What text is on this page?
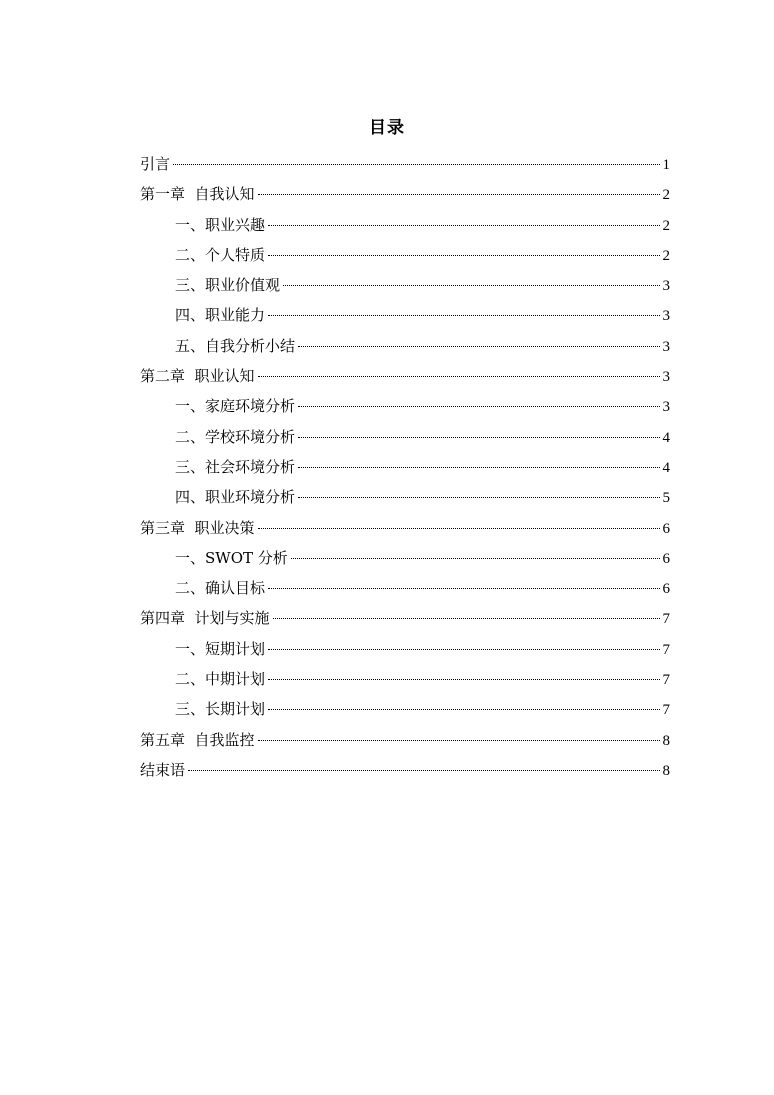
目录
引言	1
第一章  自我认知	2
一、职业兴趣	2
二、个人特质	2
三、职业价值观	3
四、职业能力	3
五、自我分析小结	3
第二章  职业认知	3
一、家庭环境分析	3
二、学校环境分析	4
三、社会环境分析	4
四、职业环境分析	5
第三章  职业决策	6
一、SWOT 分析	6
二、确认目标	6
第四章  计划与实施	7
一、短期计划	7
二、中期计划	7
三、长期计划	7
第五章  自我监控	8
结束语	8
